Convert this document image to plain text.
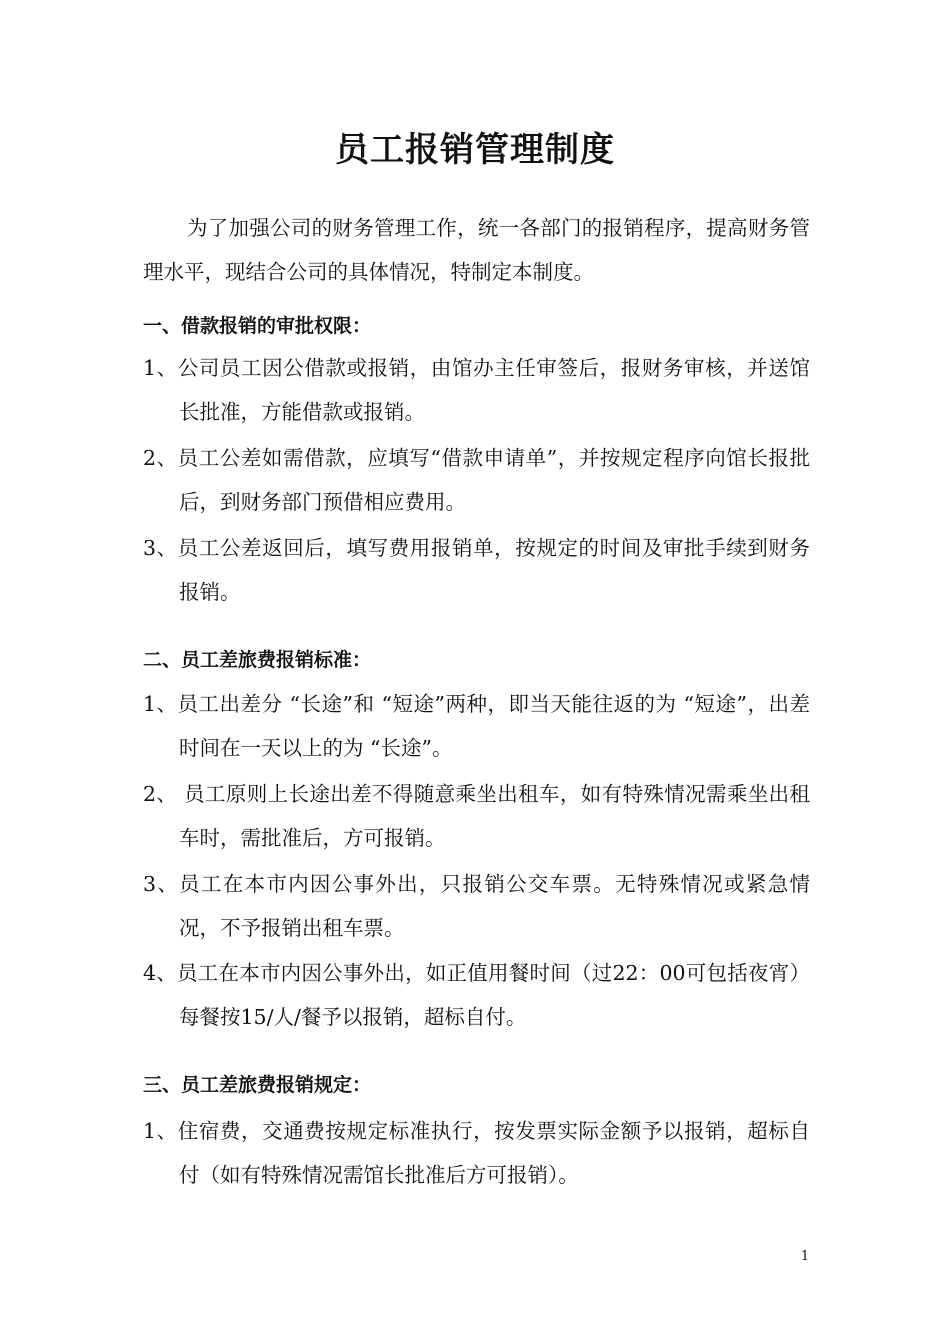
员工报销管理制度
为了加强公司的财务管理工作，统一各部门的报销程序，提高财务管理水平，现结合公司的具体情况，特制定本制度。
一、借款报销的审批权限：
1、公司员工因公借款或报销，由馆办主任审签后，报财务审核，并送馆长批准，方能借款或报销。
2、员工公差如需借款，应填写“借款申请单”，并按规定程序向馆长报批后，到财务部门预借相应费用。
3、员工公差返回后，填写费用报销单，按规定的时间及审批手续到财务报销。
二、员工差旅费报销标准：
1、员工出差分 “长途”和 “短途”两种，即当天能往返的为 “短途”，出差时间在一天以上的为 “长途”。
2、 员工原则上长途出差不得随意乘坐出租车，如有特殊情况需乘坐出租车时，需批准后，方可报销。
3、员工在本市内因公事外出，只报销公交车票。无特殊情况或紧急情况，不予报销出租车票。
4、员工在本市内因公事外出，如正值用餐时间（过22：00可包括夜宵） 每餐按15/人/餐予以报销，超标自付。
三、员工差旅费报销规定：
1、住宿费，交通费按规定标准执行，按发票实际金额予以报销，超标自付（如有特殊情况需馆长批准后方可报销）。
1
